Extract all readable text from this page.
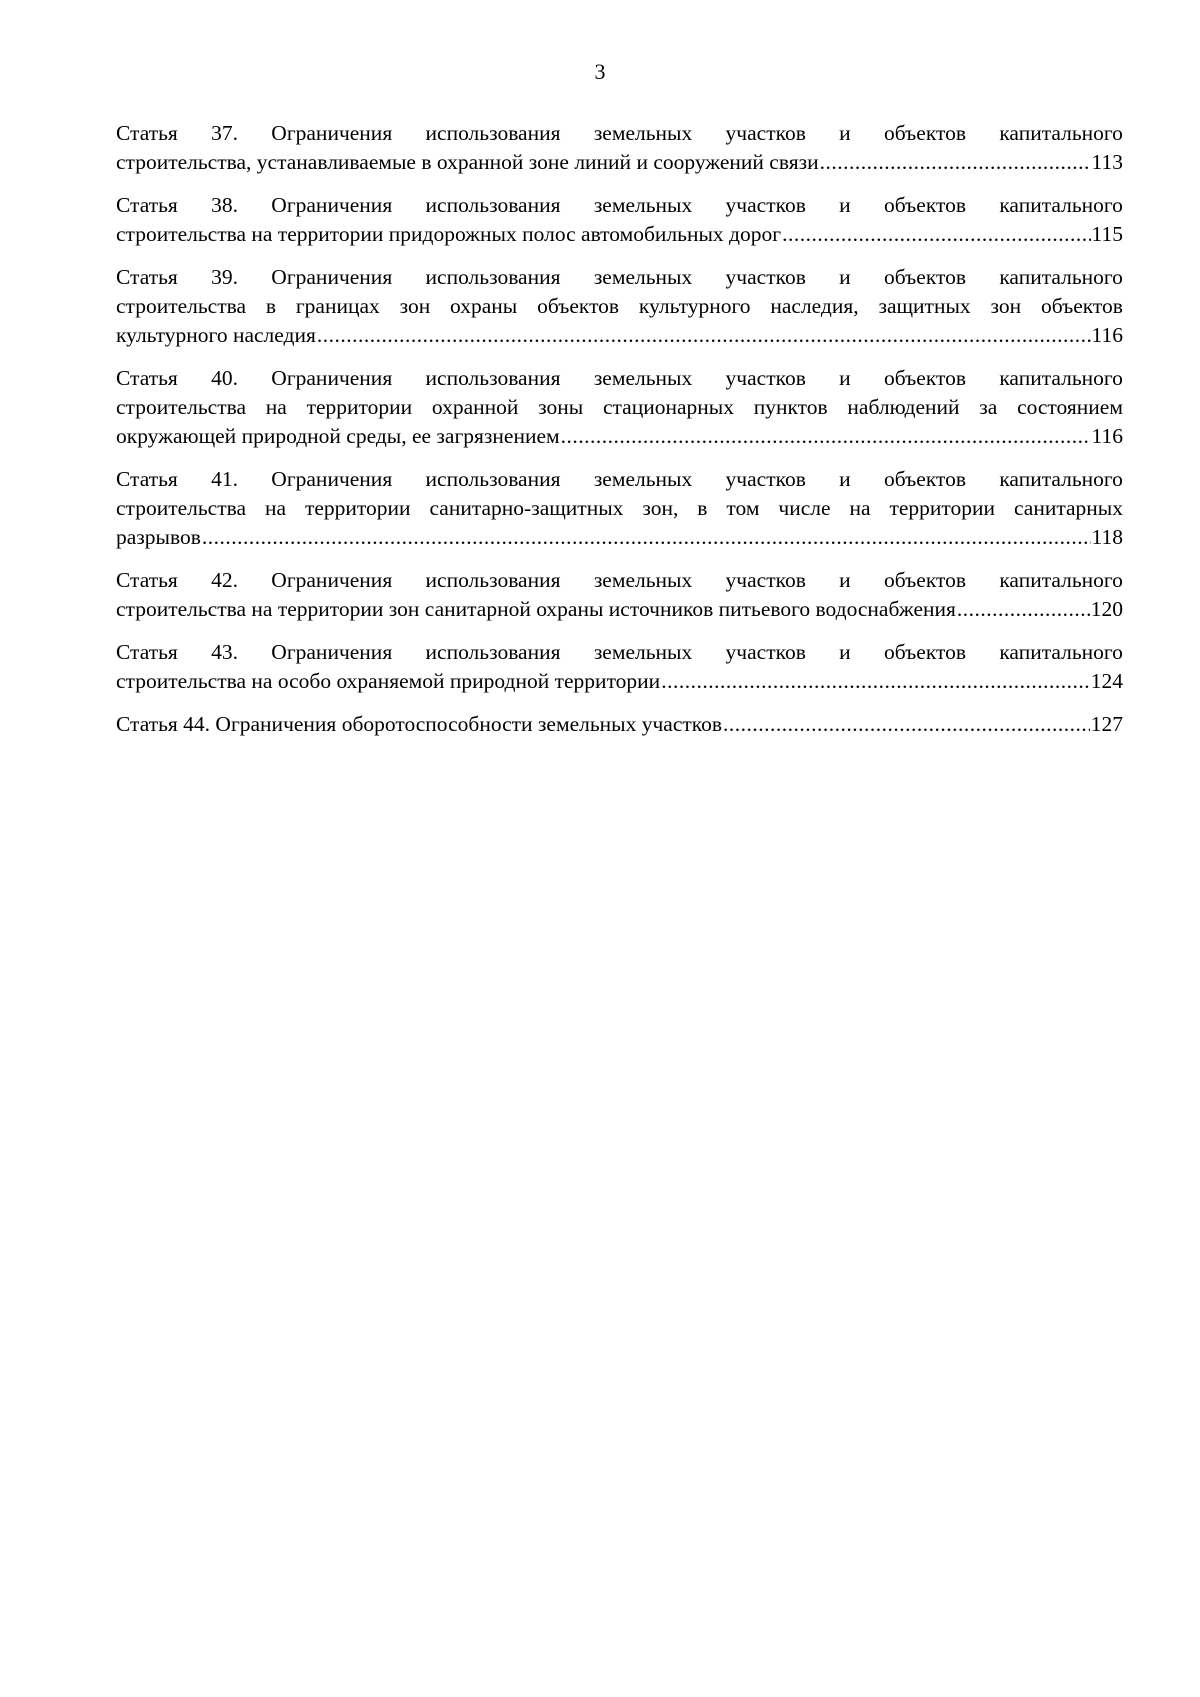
3
Статья 37. Ограничения использования земельных участков и объектов капитального
строительства, устанавливаемые в охранной зоне линий и сооружений связи .....	113
Статья 38. Ограничения использования земельных участков и объектов капитального
строительства на территории придорожных полос автомобильных дорог .....	115
Статья 39. Ограничения использования земельных участков и объектов капитального
строительства в границах зон охраны объектов культурного наследия, защитных зон объектов
культурного наследия .....	116
Статья 40. Ограничения использования земельных участков и объектов капитального
строительства на территории охранной зоны стационарных пунктов наблюдений за состоянием
окружающей природной среды, ее загрязнением .....	116
Статья 41. Ограничения использования земельных участков и объектов капитального
строительства на территории санитарно-защитных зон, в том числе на территории санитарных
разрывов .....	118
Статья 42. Ограничения использования земельных участков и объектов капитального
строительства на территории зон санитарной охраны источников питьевого водоснабжения .....	120
Статья 43. Ограничения использования земельных участков и объектов капитального
строительства на особо охраняемой природной территории .....	124
Статья 44. Ограничения оборотоспособности земельных участков .....	127
